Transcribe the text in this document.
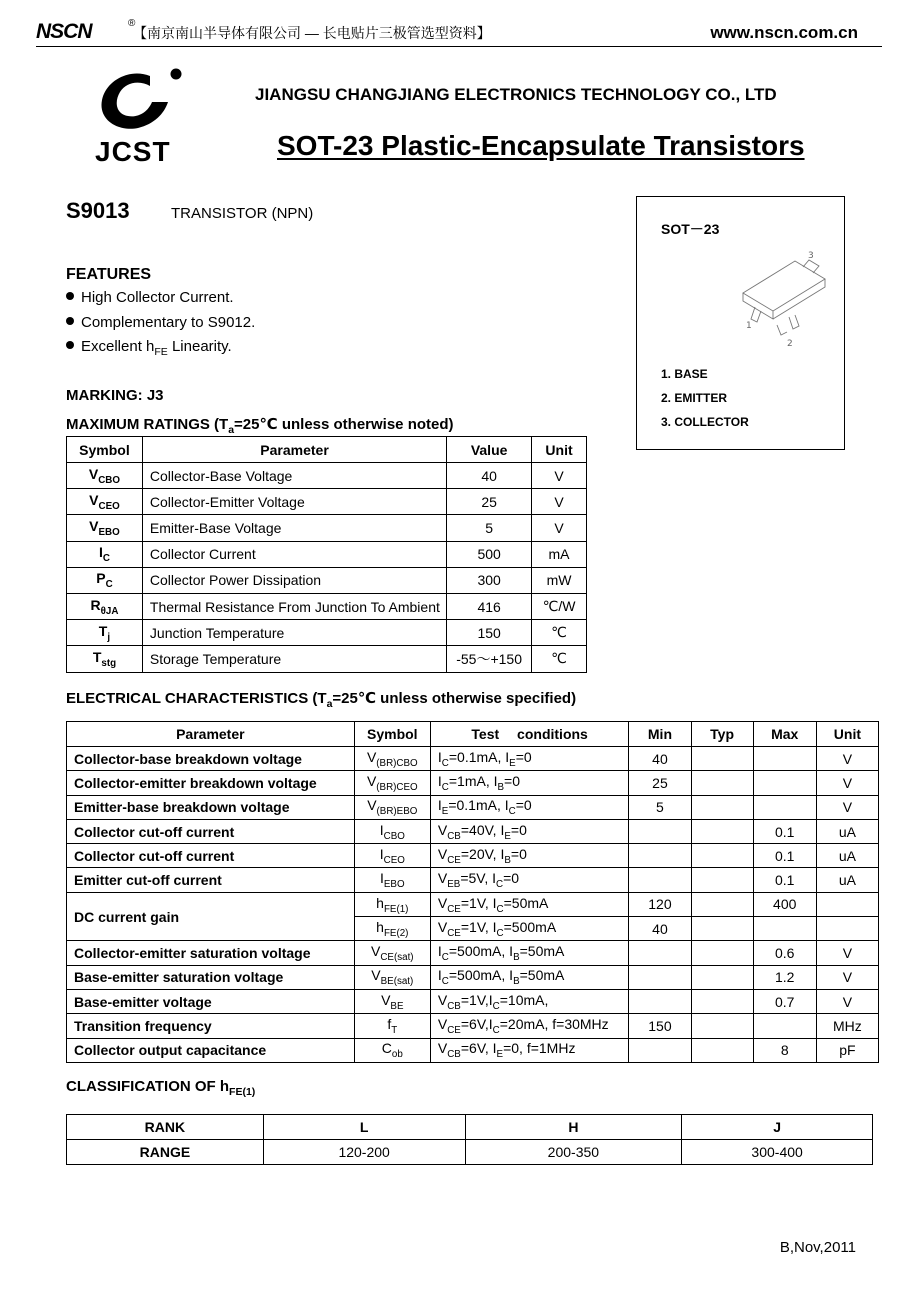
NSCN	®
【南京南山半导体有限公司 — 长电贴片三极管选型资料】	www.nscn.com.cn
JCST
JIANGSU CHANGJIANG ELECTRONICS TECHNOLOGY CO., LTD
SOT-23 Plastic-Encapsulate Transistors
S9013	TRANSISTOR (NPN)
FEATURES
High Collector Current.
Complementary to S9012.
Excellent $h_{FE}$ Linearity.
MARKING: J3
SOT－23
1
2
3
1. BASE
2. EMITTER
3. COLLECTOR
MAXIMUM RATINGS ($T_a=25℃$ unless otherwise noted)
Symbol	Parameter	Value	Unit
$V_{CBO}$	Collector-Base Voltage	40	V
$V_{CEO}$	Collector-Emitter Voltage	25	V
$V_{EBO}$	Emitter-Base Voltage	5	V
$I_C$	Collector Current	500	mA
$P_C$	Collector Power Dissipation	300	mW
$R_{\theta JA}$	Thermal Resistance From Junction To Ambient	416	℃/W
$T_j$	Junction Temperature	150	℃
$T_{stg}$	Storage Temperature	-55～+150	℃
ELECTRICAL CHARACTERISTICS ($T_a=25℃$ unless otherwise specified)
Parameter	Symbol	Test　 conditions	Min	Typ	Max	Unit
Collector-base breakdown voltage	$V_{(BR)CBO}$	$I_C=0.1mA$, $I_E=0$	40			V
Collector-emitter breakdown voltage	$V_{(BR)CEO}$	$I_C=1mA$, $I_B=0$	25			V
Emitter-base breakdown voltage	$V_{(BR)EBO}$	$I_E=0.1mA$, $I_C=0$	5			V
Collector cut-off current	$I_{CBO}$	$V_{CB}=40V$, $I_E=0$			0.1	uA
Collector cut-off current	$I_{CEO}$	$V_{CE}=20V$, $I_B=0$			0.1	uA
Emitter cut-off current	$I_{EBO}$	$V_{EB}=5V$, $I_C=0$			0.1	uA
DC current gain	$h_{FE(1)}$	$V_{CE}=1V$, $I_C=50mA$	120		400	
	$h_{FE(2)}$	$V_{CE}=1V$, $I_C=500mA$	40			
Collector-emitter saturation voltage	$V_{CE(sat)}$	$I_C=500mA$, $I_B=50mA$			0.6	V
Base-emitter saturation voltage	$V_{BE(sat)}$	$I_C=500mA$, $I_B=50mA$			1.2	V
Base-emitter voltage	$V_{BE}$	$V_{CB}=1V,I_C=10mA$,			0.7	V
Transition frequency	$f_T$	$V_{CE}=6V,I_C=20mA$, f=30MHz	150			MHz
Collector output capacitance	$C_{ob}$	$V_{CB}=6V$, $I_E=0$, f=1MHz			8	pF
CLASSIFICATION OF $h_{FE(1)}$
RANK	L	H	J
RANGE	120-200	200-350	300-400
B,Nov,2011
